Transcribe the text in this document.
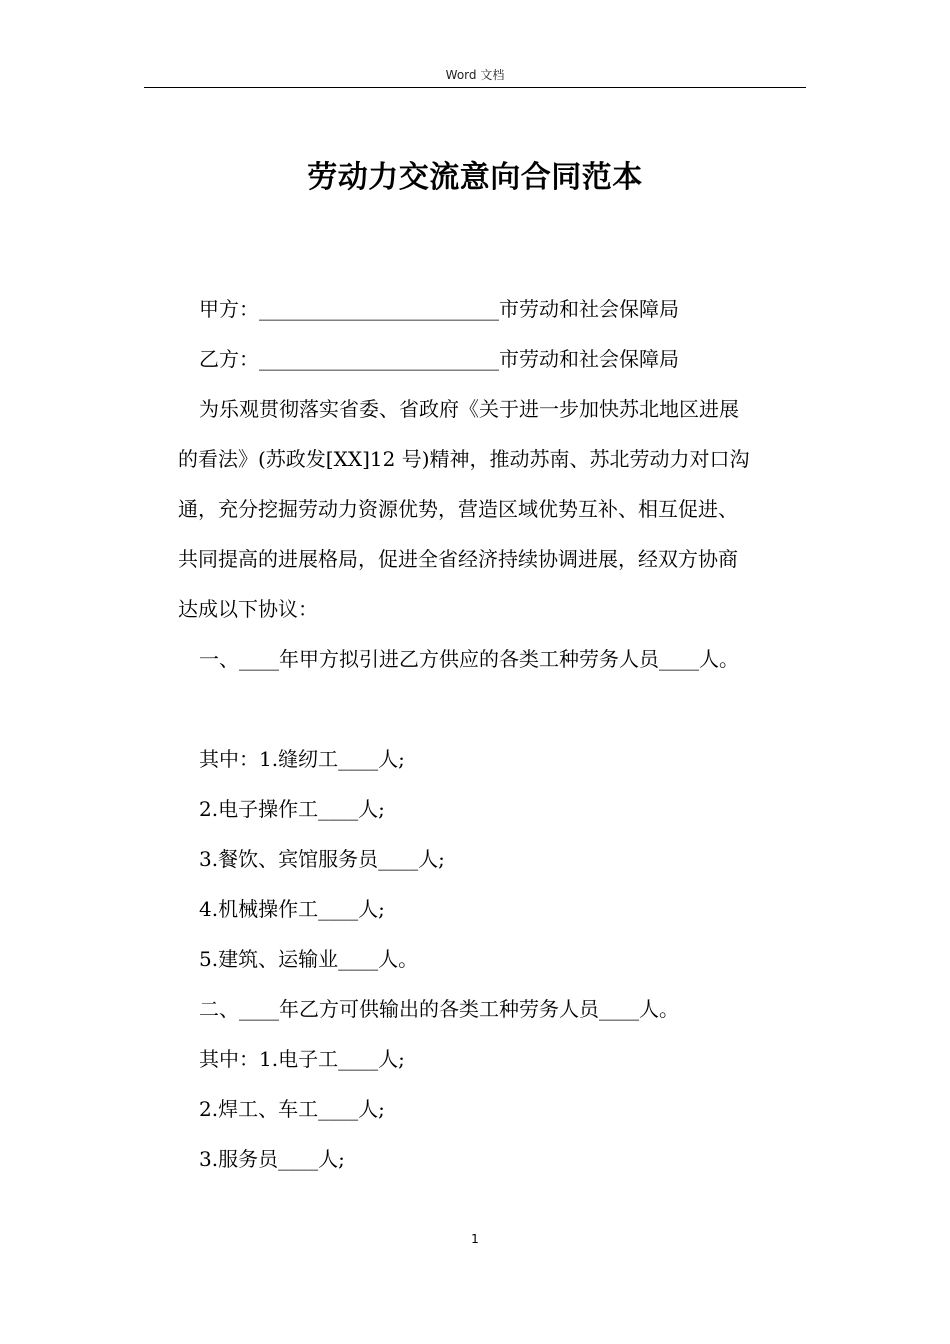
Word 文档
劳动力交流意向合同范本

甲方：________________________市劳动和社会保障局

乙方：________________________市劳动和社会保障局

为乐观贯彻落实省委、省政府《关于进一步加快苏北地区进展

的看法》(苏政发[XX]12 号)精神，推动苏南、苏北劳动力对口沟

通，充分挖掘劳动力资源优势，营造区域优势互补、相互促进、

共同提高的进展格局，促进全省经济持续协调进展，经双方协商

达成以下协议：

一、____年甲方拟引进乙方供应的各类工种劳务人员____人。

其中：1.缝纫工____人;

2.电子操作工____人;

3.餐饮、宾馆服务员____人;

4.机械操作工____人;

5.建筑、运输业____人。

二、____年乙方可供输出的各类工种劳务人员____人。

其中：1.电子工____人;

2.焊工、车工____人;

3.服务员____人;

1
